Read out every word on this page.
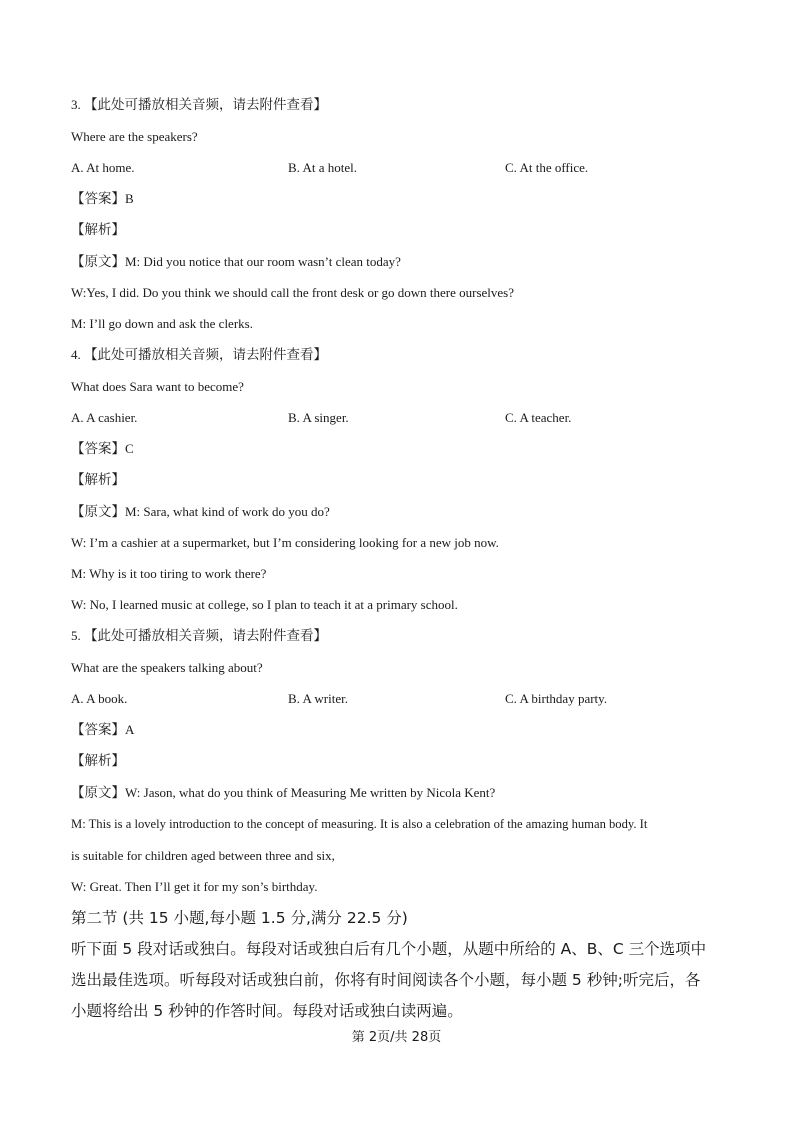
3. 【此处可播放相关音频，请去附件查看】
Where are the speakers?
A. At home.	B. At a hotel.	C. At the office.
【答案】B
【解析】
【原文】M: Did you notice that our room wasn’t clean today?
W:Yes, I did. Do you think we should call the front desk or go down there ourselves?
M: I’ll go down and ask the clerks.
4. 【此处可播放相关音频，请去附件查看】
What does Sara want to become?
A. A cashier.	B. A singer.	C. A teacher.
【答案】C
【解析】
【原文】M: Sara, what kind of work do you do?
W: I’m a cashier at a supermarket, but I’m considering looking for a new job now.
M: Why is it too tiring to work there?
W: No, I learned music at college, so I plan to teach it at a primary school.
5. 【此处可播放相关音频，请去附件查看】
What are the speakers talking about?
A. A book.	B. A writer.	C. A birthday party.
【答案】A
【解析】
【原文】W: Jason, what do you think of Measuring Me written by Nicola Kent?
M: This is a lovely introduction to the concept of measuring. It is also a celebration of the amazing human body. It
is suitable for children aged between three and six,
W: Great. Then I’ll get it for my son’s birthday.
第二节 (共 15 小题,每小题 1.5 分,满分 22.5 分)
听下面 5 段对话或独白。每段对话或独白后有几个小题，从题中所给的 A、B、C 三个选项中
选出最佳选项。听每段对话或独白前，你将有时间阅读各个小题，每小题 5 秒钟;听完后，各
小题将给出 5 秒钟的作答时间。每段对话或独白读两遍。
第 2页/共 28页
